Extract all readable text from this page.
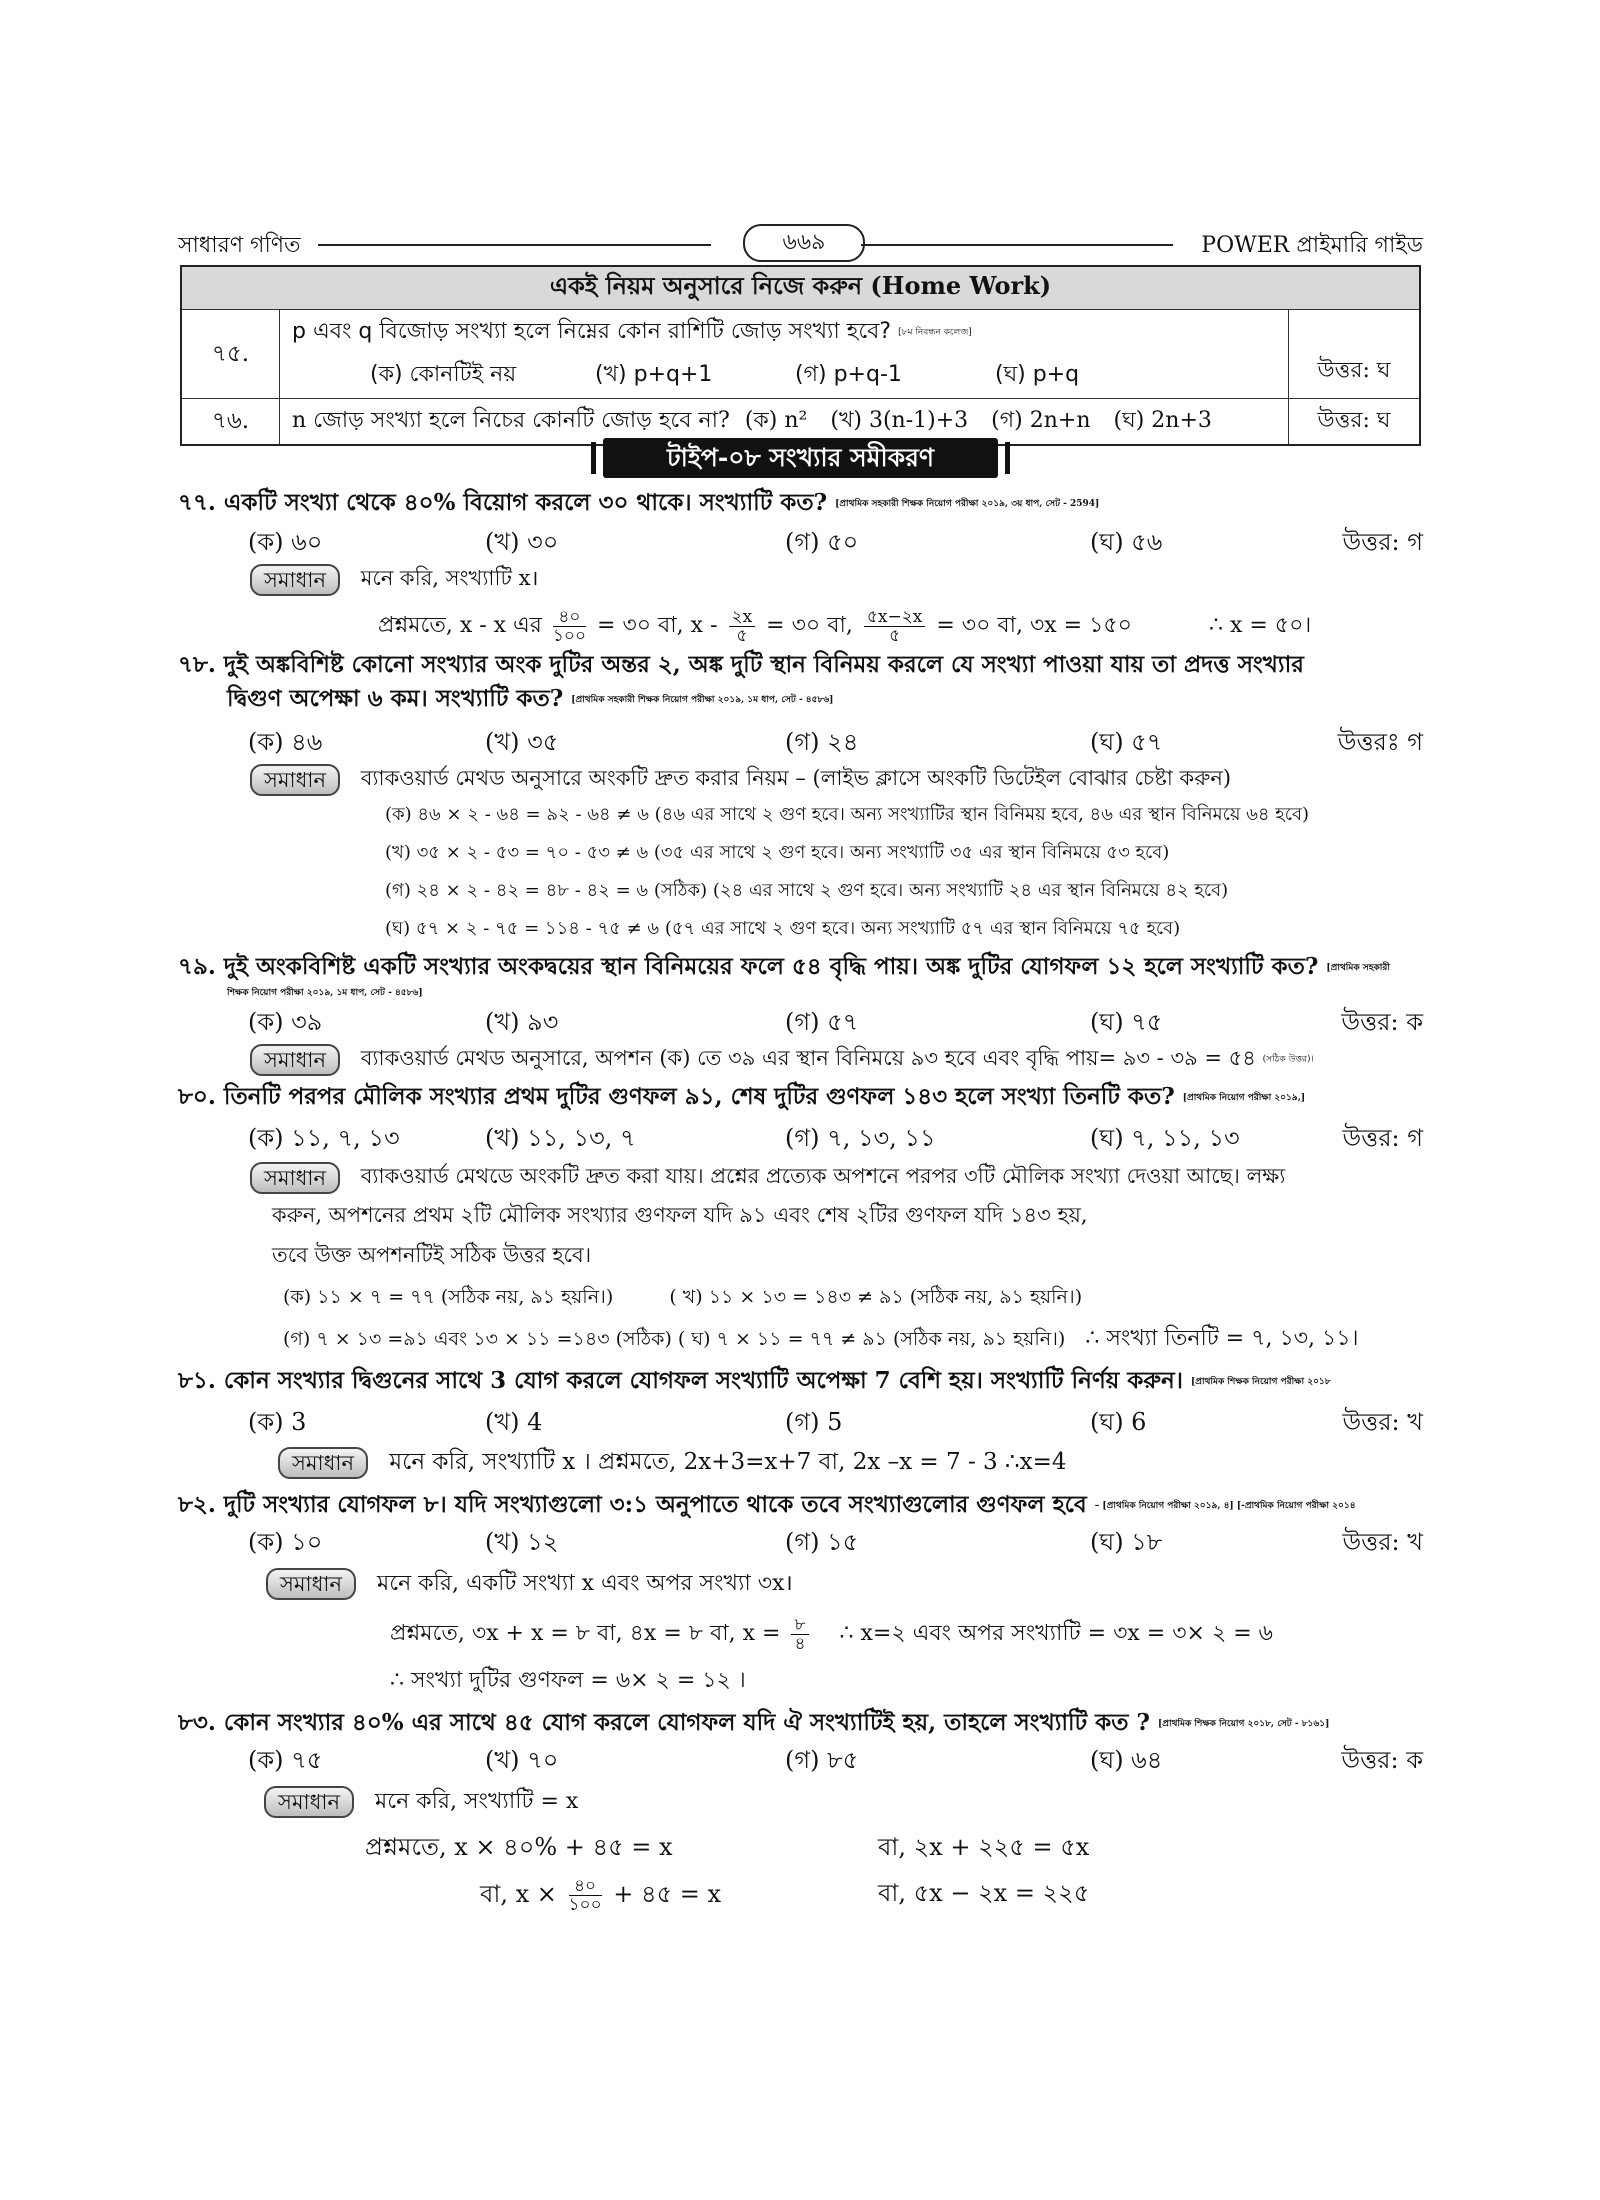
সাধারণ গণিত	৬৬৯	POWER প্রাইমারি গাইড
একই নিয়ম অনুসারে নিজে করুন (Home Work)		
৭৫.	p এবং q বিজোড় সংখ্যা হলে নিম্নের কোন রাশিটি জোড় সংখ্যা হবে? [৮ম নিবন্ধন কলেজ]
(ক) কোনটিই নয় (খ) p+q+1 (গ) p+q-1 (ঘ) p+q	উত্তর: ঘ
৭৬.	n জোড় সংখ্যা হলে নিচের কোনটি জোড় হবে না? (ক) n² (খ) 3(n-1)+3 (গ) 2n+n (ঘ) 2n+3	উত্তর: ঘ
টাইপ-০৮ সংখ্যার সমীকরণ
৭৭. একটি সংখ্যা থেকে ৪০% বিয়োগ করলে ৩০ থাকে। সংখ্যাটি কত? [প্রাথমিক সহকারী শিক্ষক নিয়োগ পরীক্ষা ২০১৯, ৩য় ধাপ, সেট - 2594]
(ক) ৬০	(খ) ৩০	(গ) ৫০	(ঘ) ৫৬	উত্তর: গ
সমাধান মনে করি, সংখ্যাটি x।
প্রশ্নমতে, x - x এর $\frac{৪০}{১০০}$ = ৩০ বা, x - $\frac{২x}{৫}$ = ৩০ বা, $\frac{৫x-২x}{৫}$ = ৩০ বা, ৩x = ১৫০	∴ x = ৫০।
৭৮. দুই অঙ্কবিশিষ্ট কোনো সংখ্যার অংক দুটির অন্তর ২, অঙ্ক দুটি স্থান বিনিময় করলে যে সংখ্যা পাওয়া যায় তা প্রদত্ত সংখ্যার
দ্বিগুণ অপেক্ষা ৬ কম। সংখ্যাটি কত? [প্রাথমিক সহকারী শিক্ষক নিয়োগ পরীক্ষা ২০১৯, ১ম ধাপ, সেট - ৪৫৮৬]
(ক) ৪৬	(খ) ৩৫	(গ) ২৪	(ঘ) ৫৭	উত্তরঃ গ
সমাধান ব্যাকওয়ার্ড মেথড অনুসারে অংকটি দ্রুত করার নিয়ম – (লাইভ ক্লাসে অংকটি ডিটেইল বোঝার চেষ্টা করুন)
(ক) ৪৬ × ২ - ৬৪ = ৯২ - ৬৪ ≠ ৬ (৪৬ এর সাথে ২ গুণ হবে। অন্য সংখ্যাটির স্থান বিনিময় হবে, ৪৬ এর স্থান বিনিময়ে ৬৪ হবে)
(খ) ৩৫ × ২ - ৫৩ = ৭০ - ৫৩ ≠ ৬ (৩৫ এর সাথে ২ গুণ হবে। অন্য সংখ্যাটি ৩৫ এর স্থান বিনিময়ে ৫৩ হবে)
(গ) ২৪ × ২ - ৪২ = ৪৮ - ৪২ = ৬ (সঠিক) (২৪ এর সাথে ২ গুণ হবে। অন্য সংখ্যাটি ২৪ এর স্থান বিনিময়ে ৪২ হবে)
(ঘ) ৫৭ × ২ - ৭৫ = ১১৪ - ৭৫ ≠ ৬ (৫৭ এর সাথে ২ গুণ হবে। অন্য সংখ্যাটি ৫৭ এর স্থান বিনিময়ে ৭৫ হবে)
৭৯. দুই অংকবিশিষ্ট একটি সংখ্যার অংকদ্বয়ের স্থান বিনিময়ের ফলে ৫৪ বৃদ্ধি পায়। অঙ্ক দুটির যোগফল ১২ হলে সংখ্যাটি কত? [প্রাথমিক সহকারী
শিক্ষক নিয়োগ পরীক্ষা ২০১৯, ১ম ধাপ, সেট - ৪৫৮৬]
(ক) ৩৯	(খ) ৯৩	(গ) ৫৭	(ঘ) ৭৫	উত্তর: ক
সমাধান ব্যাকওয়ার্ড মেথড অনুসারে, অপশন (ক) তে ৩৯ এর স্থান বিনিময়ে ৯৩ হবে এবং বৃদ্ধি পায়= ৯৩ - ৩৯ = ৫৪ (সঠিক উত্তর)।
৮০. তিনটি পরপর মৌলিক সংখ্যার প্রথম দুটির গুণফল ৯১, শেষ দুটির গুণফল ১৪৩ হলে সংখ্যা তিনটি কত? [প্রাথমিক নিয়োগ পরীক্ষা ২০১৯,]
(ক) ১১, ৭, ১৩	(খ) ১১, ১৩, ৭	(গ) ৭, ১৩, ১১	(ঘ) ৭, ১১, ১৩	উত্তর: গ
সমাধান ব্যাকওয়ার্ড মেথডে অংকটি দ্রুত করা যায়। প্রশ্নের প্রত্যেক অপশনে পরপর ৩টি মৌলিক সংখ্যা দেওয়া আছে। লক্ষ্য
করুন, অপশনের প্রথম ২টি মৌলিক সংখ্যার গুণফল যদি ৯১ এবং শেষ ২টির গুণফল যদি ১৪৩ হয়,
তবে উক্ত অপশনটিই সঠিক উত্তর হবে।
(ক) ১১ × ৭ = ৭৭ (সঠিক নয়, ৯১ হয়নি।)	( খ) ১১ × ১৩ = ১৪৩ ≠ ৯১ (সঠিক নয়, ৯১ হয়নি।)
(গ) ৭ × ১৩ =৯১ এবং ১৩ × ১১ =১৪৩ (সঠিক) ( ঘ) ৭ × ১১ = ৭৭ ≠ ৯১ (সঠিক নয়, ৯১ হয়নি।) ∴ সংখ্যা তিনটি = ৭, ১৩, ১১।
৮১. কোন সংখ্যার দ্বিগুনের সাথে 3 যোগ করলে যোগফল সংখ্যাটি অপেক্ষা 7 বেশি হয়। সংখ্যাটি নির্ণয় করুন। [প্রাথমিক শিক্ষক নিয়োগ পরীক্ষা ২০১৮
(ক) 3	(খ) 4	(গ) 5	(ঘ) 6	উত্তর: খ
সমাধান মনে করি, সংখ্যাটি x । প্রশ্নমতে, 2x+3=x+7 বা, 2x –x = 7 - 3 ∴x=4
৮২. দুটি সংখ্যার যোগফল ৮। যদি সংখ্যাগুলো ৩:১ অনুপাতে থাকে তবে সংখ্যাগুলোর গুণফল হবে – [প্রাথমিক নিয়োগ পরীক্ষা ২০১৯, ৪] [-প্রাথমিক নিয়োগ পরীক্ষা ২০১৪
(ক) ১০	(খ) ১২	(গ) ১৫	(ঘ) ১৮	উত্তর: খ
সমাধান মনে করি, একটি সংখ্যা x এবং অপর সংখ্যা ৩x।
প্রশ্নমতে, ৩x + x = ৮ বা, ৪x = ৮ বা, $x = \frac{৮}{৪}$ ∴ x=২ এবং অপর সংখ্যাটি = ৩x = ৩× ২ = ৬
∴ সংখ্যা দুটির গুণফল = ৬× ২ = ১২ ।
৮৩. কোন সংখ্যার ৪০% এর সাথে ৪৫ যোগ করলে যোগফল যদি ঐ সংখ্যাটিই হয়, তাহলে সংখ্যাটি কত ? [প্রাথমিক শিক্ষক নিয়োগ ২০১৮, সেট - ৮১৬১]
(ক) ৭৫	(খ) ৭০	(গ) ৮৫	(ঘ) ৬৪	উত্তর: ক
সমাধান মনে করি, সংখ্যাটি = x
প্রশ্নমতে, x × ৪০% + ৪৫ = x	বা, ২x + ২২৫ = ৫x
বা, $x \times \frac{৪০}{১০০}$ + ৪৫ = x	বা, ৫x − ২x = ২২৫
